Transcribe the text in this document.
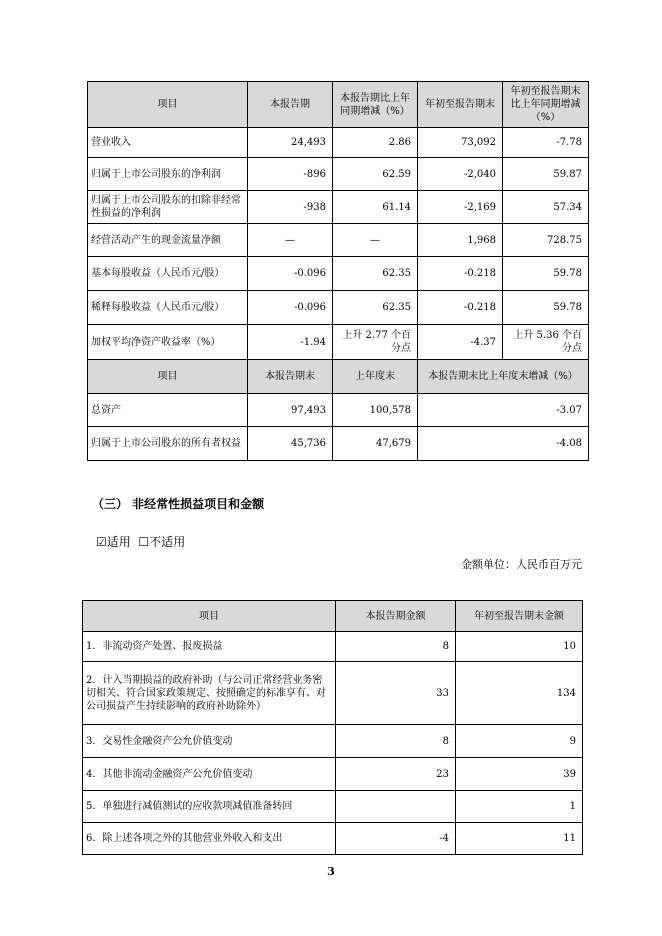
项目	本报告期	本报告期比上年同期增减（%）	年初至报告期末	年初至报告期末比上年同期增减（%）
营业收入	24,493	2.86	73,092	-7.78
归属于上市公司股东的净利润	-896	62.59	-2,040	59.87
归属于上市公司股东的扣除非经常性损益的净利润	-938	61.14	-2,169	57.34
经营活动产生的现金流量净额	—	—	1,968	728.75
基本每股收益（人民币元/股）	-0.096	62.35	-0.218	59.78
稀释每股收益（人民币元/股）	-0.096	62.35	-0.218	59.78
加权平均净资产收益率（%）	-1.94	上升 2.77 个百分点	-4.37	上升 5.36 个百分点
项目	本报告期末	上年度末	本报告期末比上年度末增减（%）	
总资产	97,493	100,578	-3.07	
归属于上市公司股东的所有者权益	45,736	47,679	-4.08	
（三） 非经常性损益项目和金额
☑适用 ☐不适用
金额单位：人民币百万元
项目	本报告期金额	年初至报告期末金额
1．非流动资产处置、报废损益	8	10
2．计入当期损益的政府补助（与公司正常经营业务密切相关、符合国家政策规定、按照确定的标准享有、对公司损益产生持续影响的政府补助除外）	33	134
3．交易性金融资产公允价值变动	8	9
4．其他非流动金融资产公允价值变动	23	39
5．单独进行减值测试的应收款项减值准备转回		1
6．除上述各项之外的其他营业外收入和支出	-4	11
3
